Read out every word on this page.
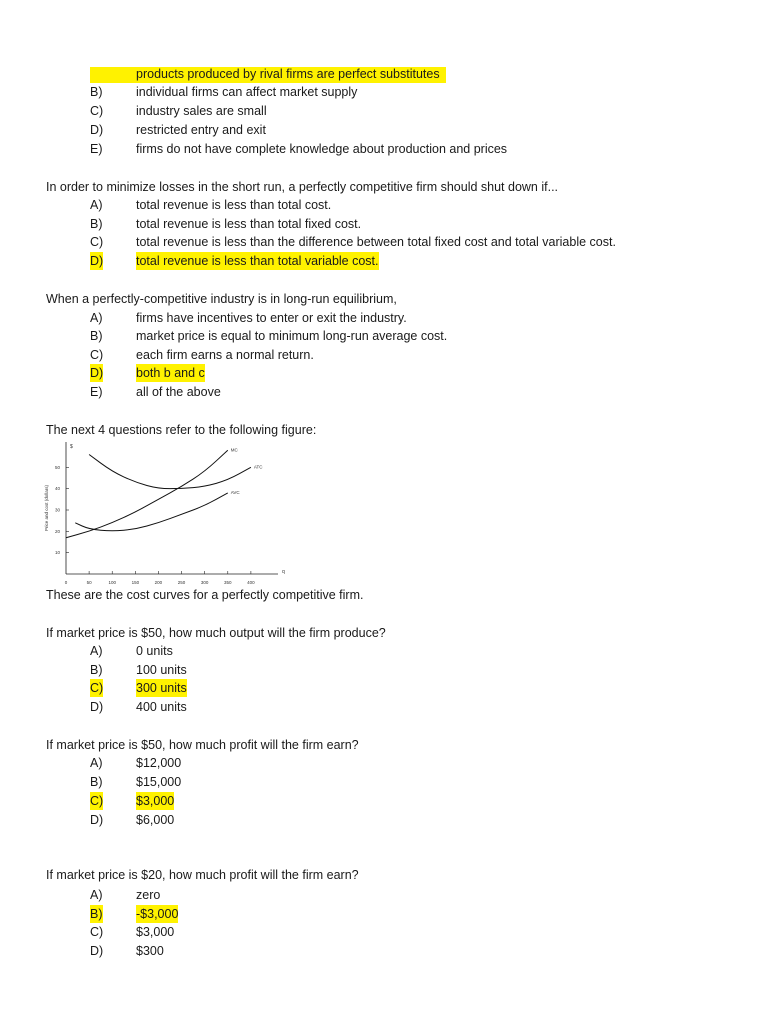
products produced by rival firms are perfect substitutes
B)	individual firms can affect market supply
C)	industry sales are small
D)	restricted entry and exit
E)	firms do not have complete knowledge about production and prices
In order to minimize losses in the short run, a perfectly competitive firm should shut down if...
A)	total revenue is less than total cost.
B)	total revenue is less than total fixed cost.
C)	total revenue is less than the difference between total fixed cost and total variable cost.
D)	total revenue is less than total variable cost.
When a perfectly-competitive industry is in long-run equilibrium,
A)	firms have incentives to enter or exit the industry.
B)	market price is equal to minimum long-run average cost.
C)	each firm earns a normal return.
D)	both b and c
E)	all of the above
The next 4 questions refer to the following figure:
0	50	100	150	200	250	300	350	400
10
20
30
40
50
Price and cost (dollars)
$
q
MC
ATC
AVC
These are the cost curves for a perfectly competitive firm.
If market price is $50, how much output will the firm produce?
A)	0 units
B)	100 units
C)	300 units
D)	400 units
If market price is $50, how much profit will the firm earn?
A)	$12,000
B)	$15,000
C)	$3,000
D)	$6,000
If market price is $20, how much profit will the firm earn?
A)	zero
B)	-$3,000
C)	$3,000
D)	$300
